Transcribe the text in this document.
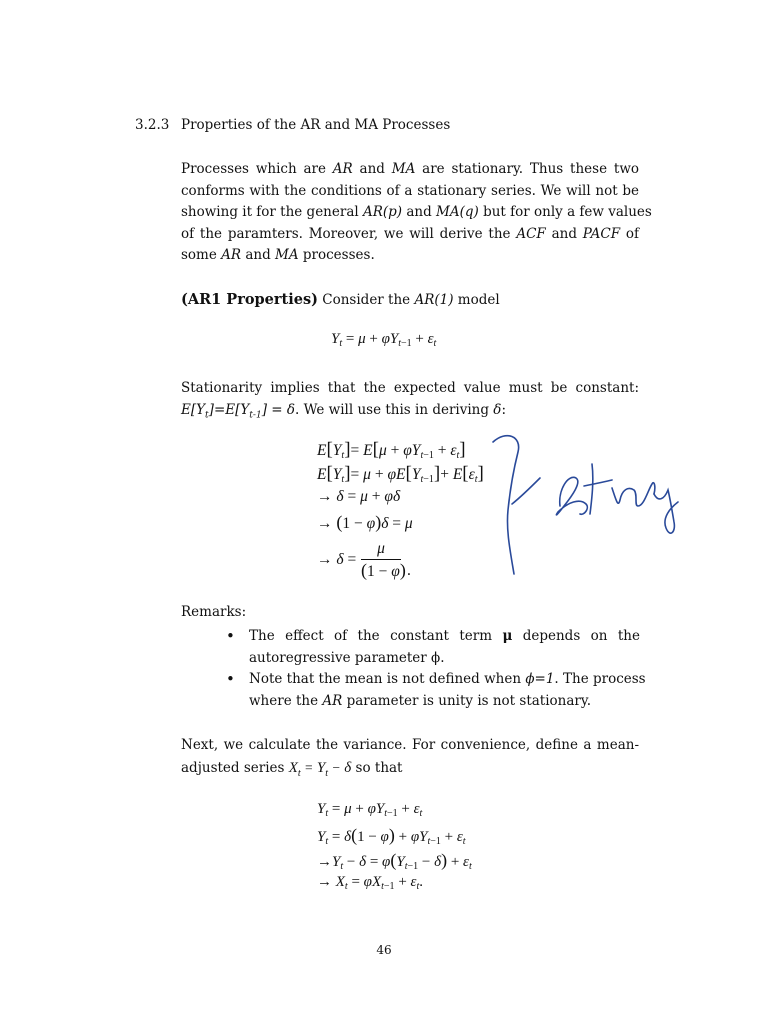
3.2.3 Properties of the AR and MA Processes
Processes which are AR and MA are stationary. Thus these two
conforms with the conditions of a stationary series. We will not be
showing it for the general AR(p) and MA(q) but for only a few values
of the paramters. Moreover, we will derive the ACF and PACF of
some AR and MA processes.
(AR1 Properties) Consider the AR(1) model
$Y_t = \mu + \varphi Y_{t-1} + \varepsilon_t$
Stationarity implies that the expected value must be constant:
$E[Y_t]=E[Y_{t-1}] = \delta$. We will use this in deriving δ:
$E[Y_t]= E[\mu + \varphi Y_{t-1} + \varepsilon_t]$
$E[Y_t]= \mu + \varphi E[Y_{t-1}]+ E[\varepsilon_t]$
→ δ = μ + φδ
→ (1 − φ)δ = μ
→ δ =
μ
(1 − φ) .
Remarks:
• The effect of the constant term μ depends on the
autoregressive parameter ϕ.
• Note that the mean is not defined when ϕ=1. The process
where the AR parameter is unity is not stationary.
Next, we calculate the variance. For convenience, define a mean-
adjusted series $X_t = Y_t - \delta$ so that
$Y_t = \mu + \varphi Y_{t-1} + \varepsilon_t$
$Y_t = \delta(1 - \varphi) + \varphi Y_{t-1} + \varepsilon_t$
$\to Y_t - \delta = \varphi(Y_{t-1} - \delta) + \varepsilon_t$
→ $X_t = \varphi X_{t-1} + \varepsilon_t$.
46
